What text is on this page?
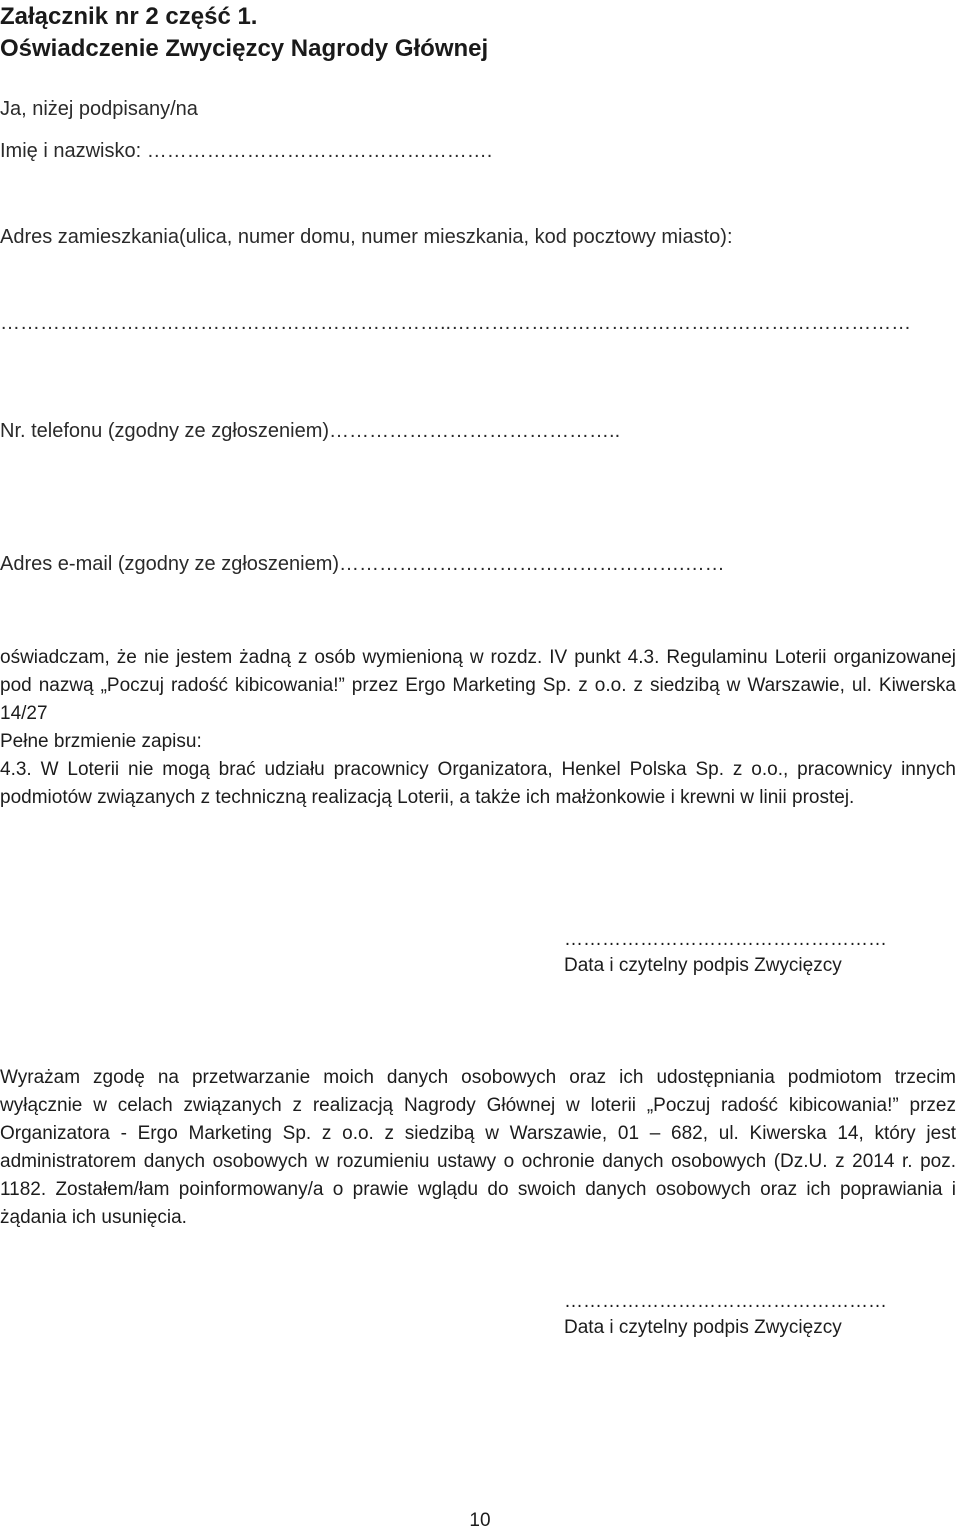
Załącznik nr 2 część 1.
Oświadczenie Zwycięzcy Nagrody Głównej
Ja, niżej podpisany/na
Imię i nazwisko: …………………………………………….
Adres zamieszkania(ulica, numer domu, numer mieszkania, kod pocztowy miasto):
…………………………………………………………..……………………………………………………………
Nr. telefonu (zgodny ze zgłoszeniem)……………………………………..
Adres e-mail (zgodny ze zgłoszeniem)…………………………………………….……

oświadczam, że nie jestem żadną z osób wymienioną w rozdz. IV punkt 4.3. Regulaminu Loterii organizowanej pod nazwą „Poczuj radość kibicowania!” przez Ergo Marketing Sp. z o.o. z siedzibą w Warszawie, ul. Kiwerska 14/27

Pełne brzmienie zapisu:

4.3. W Loterii nie mogą brać udziału pracownicy Organizatora, Henkel Polska Sp. z o.o., pracownicy innych podmiotów związanych z techniczną realizacją Loterii, a także ich małżonkowie i krewni w linii prostej.

……………………………………………
Data i czytelny podpis Zwycięzcy

Wyrażam zgodę na przetwarzanie moich danych osobowych oraz ich udostępniania podmiotom trzecim wyłącznie w celach związanych z realizacją Nagrody Głównej w loterii „Poczuj radość kibicowania!” przez Organizatora - Ergo Marketing Sp. z o.o. z siedzibą w Warszawie, 01 – 682, ul. Kiwerska 14, który jest administratorem danych osobowych w rozumieniu ustawy o ochronie danych osobowych (Dz.U. z 2014 r. poz. 1182. Zostałem/łam poinformowany/a o prawie wglądu do swoich danych osobowych oraz ich poprawiania i żądania ich usunięcia.

……………………………………………
Data i czytelny podpis Zwycięzcy
10
